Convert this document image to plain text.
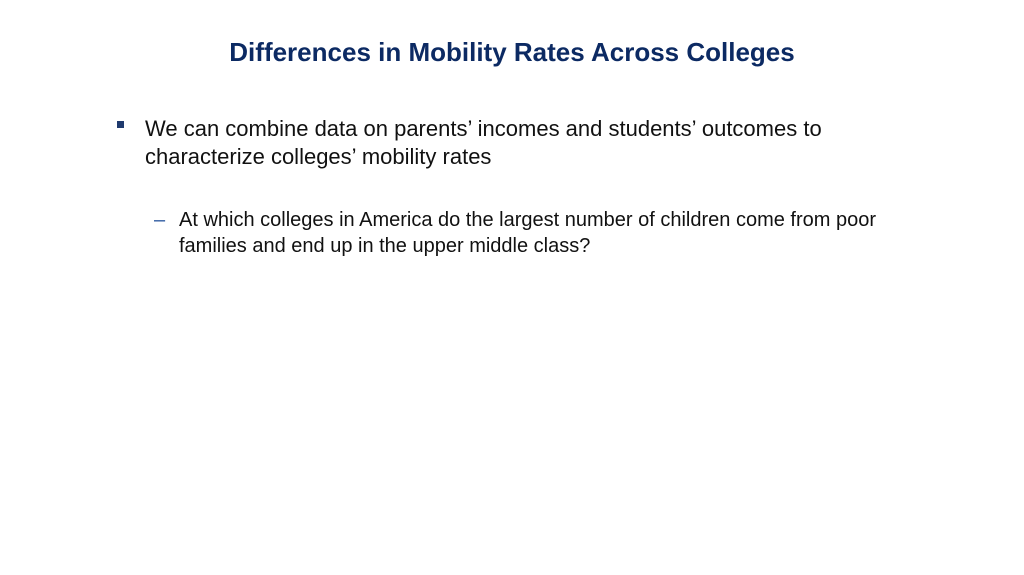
Differences in Mobility Rates Across Colleges
We can combine data on parents’ incomes and students’ outcomes to characterize colleges’ mobility rates
– At which colleges in America do the largest number of children come from poor families and end up in the upper middle class?
